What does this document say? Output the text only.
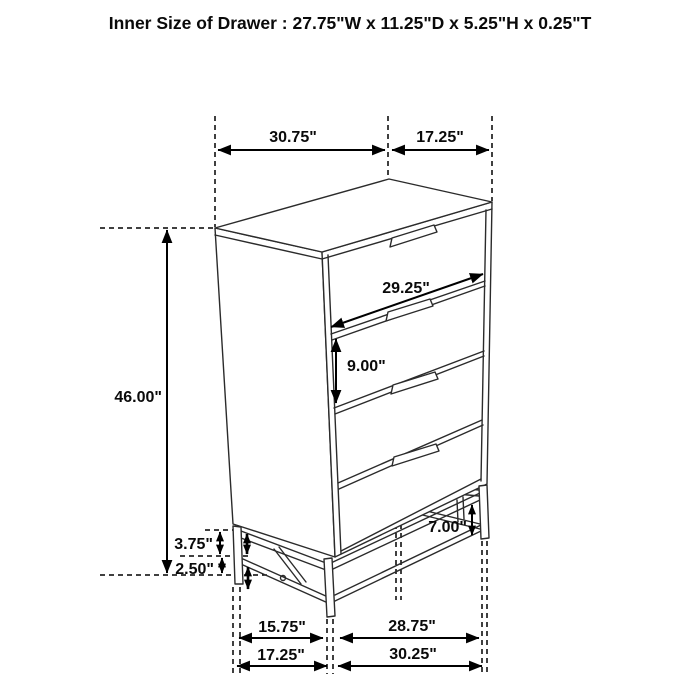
Inner Size of Drawer : 27.75"W x 11.25"D x 5.25"H x 0.25"T
30.75"	17.25"
46.00"
29.25"
9.00"
3.75"
2.50"
7.00"
15.75"	28.75"
17.25"	30.25"
